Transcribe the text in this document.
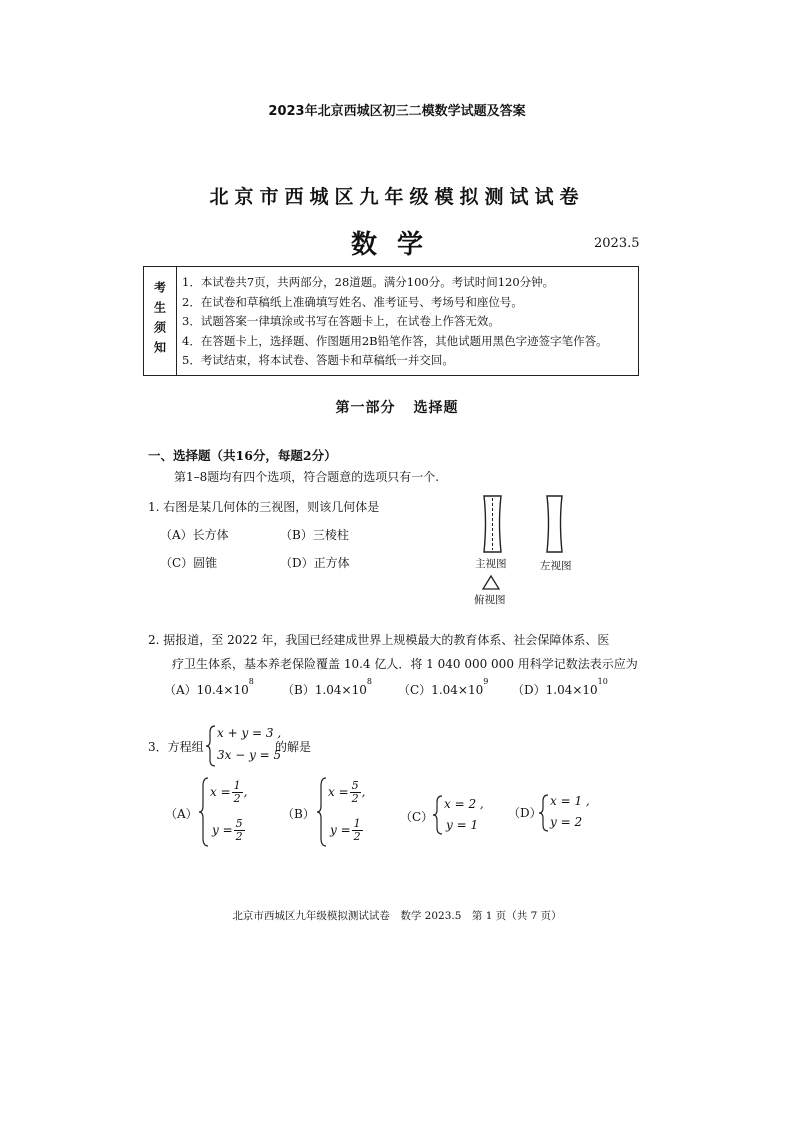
2023年北京西城区初三二模数学试题及答案
北京市西城区九年级模拟测试试卷
数学	2023.5
考生须知 1．本试卷共7页，共两部分，28道题。满分100分。考试时间120分钟。
2．在试卷和草稿纸上准确填写姓名、准考证号、考场号和座位号。
3．试题答案一律填涂或书写在答题卡上，在试卷上作答无效。
4．在答题卡上，选择题、作图题用2B铅笔作答，其他试题用黑色字迹签字笔作答。
5．考试结束，将本试卷、答题卡和草稿纸一并交回。
第一部分 选择题
一、选择题（共16分，每题2分）
第1–8题均有四个选项，符合题意的选项只有一个.
1. 右图是某几何体的三视图，则该几何体是
（A）长方体	（B）三棱柱
（C）圆锥	（D）正方体	主视图	左视图
俯视图
2. 据报道，至 2022 年，我国已经建成世界上规模最大的教育体系、社会保障体系、医
疗卫生体系，基本养老保险覆盖 10.4 亿人．将 1 040 000 000 用科学记数法表示应为
$(A)10.4\times 10^8$
$(B)1.04\times 10^8$
$(C)1.04\times 10^9$
$(D)1.04\times 10^{10}$
3．方程组
x + y = 3 ,
3x − y = 5
的解是
（A）
$x = \frac{1}{2}$ ,
$y = \frac{5}{2}$
（B）
$x = \frac{5}{2}$ ,
$y = \frac{1}{2}$
（C）
x = 2 ,
y = 1
（D）
x = 1 ,
y = 2
北京市西城区九年级模拟测试试卷　数学 2023.5　第 1 页（共 7 页）
